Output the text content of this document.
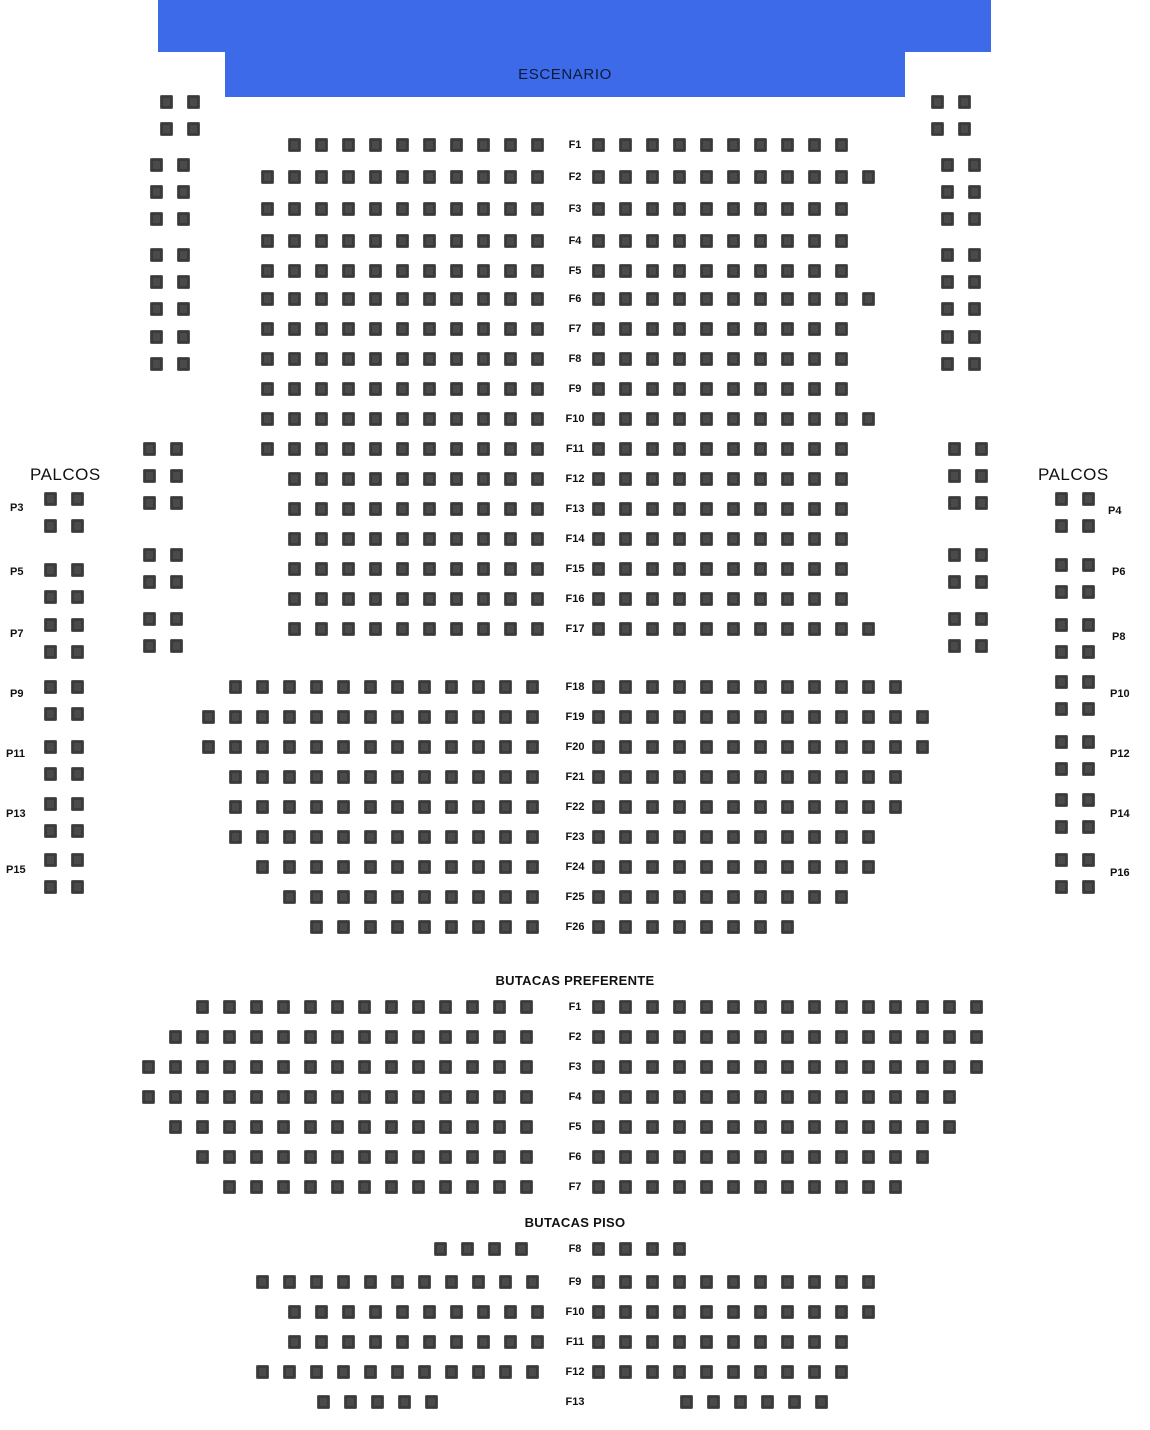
ESCENARIO
PALCOS	PALCOS
BUTACAS PREFERENTE
BUTACAS PISO
F1
F2
F3
F4
F5
F6
F7
F8
F9
F10
F11
F12
F13
F14
F15
F16
F17
F18
F19
F20
F21
F22
F23
F24
F25
F26
F1
F2
F3
F4
F5
F6
F7
F8
F9
F10
F11
F12
F13
P3
P5
P7
P9
P11
P13
P15
P4
P6
P8
P10
P12
P14
P16
